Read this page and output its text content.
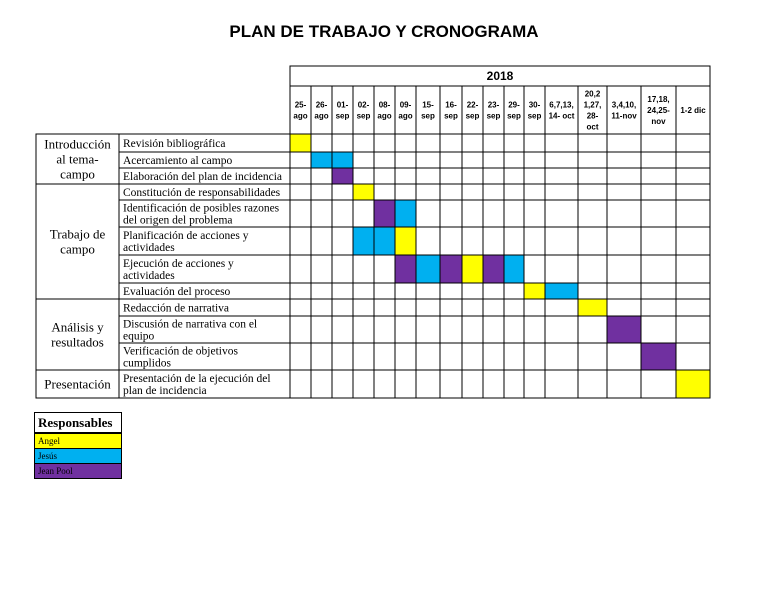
PLAN DE TRABAJO Y CRONOGRAMA
2018
25-ago
26-ago
01-sep
02-sep
08-ago
09-ago
15-sep
16-sep
22-sep
23-sep
29-sep
30-sep
6,7,13, 14- oct
20,2 1,27, 28-oct
3,4,10, 11-nov
17,18, 24,25-nov
1-2 dic
Introducción al tema-campo
Trabajo de campo
Análisis y resultados
Presentación
Revisión bibliográfica
Acercamiento al campo
Elaboración del plan de incidencia
Constitución de responsabilidades
Identificación de posibles razones del origen del problema
Planificación de acciones y actividades
Ejecución de acciones y actividades
Evaluación del proceso
Redacción de narrativa
Discusión de narrativa con el equipo
Verificación de objetivos cumplidos
Presentación de la ejecución del plan de incidencia
Responsables
Angel
Jesús
Jean Pool
